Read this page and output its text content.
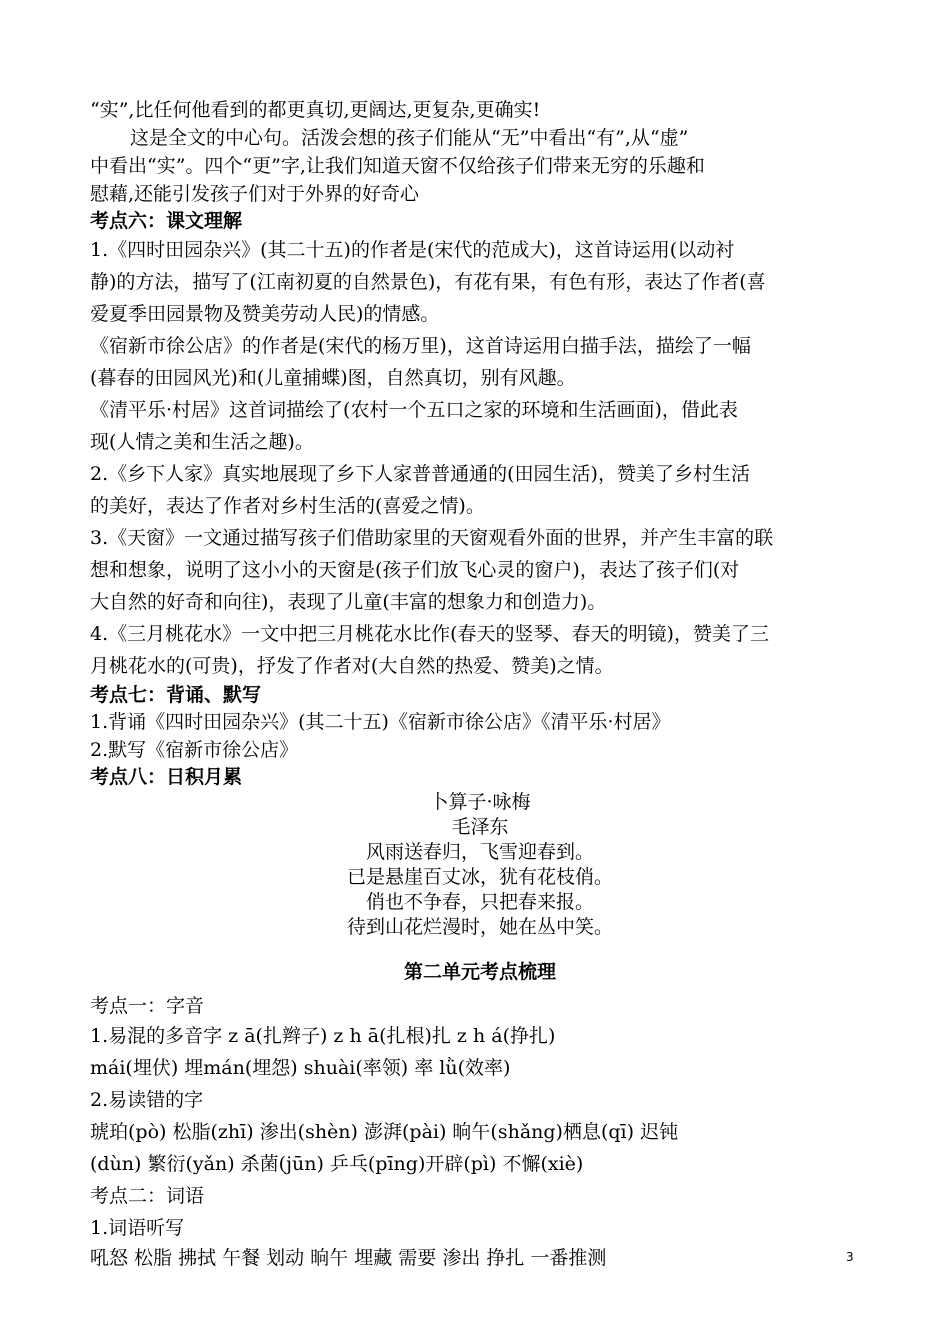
“实”,比任何他看到的都更真切,更阔达,更复杂,更确实!
这是全文的中心句。活泼会想的孩子们能从“无”中看出“有”,从“虚”
中看出“实”。四个“更”字,让我们知道天窗不仅给孩子们带来无穷的乐趣和
慰藉,还能引发孩子们对于外界的好奇心
考点六：课文理解
1.《四时田园杂兴》(其二十五)的作者是(宋代的范成大)，这首诗运用(以动衬
静)的方法，描写了(江南初夏的自然景色)，有花有果，有色有形，表达了作者(喜
爱夏季田园景物及赞美劳动人民)的情感。
《宿新市徐公店》的作者是(宋代的杨万里)，这首诗运用白描手法，描绘了一幅
(暮春的田园风光)和(儿童捕蝶)图，自然真切，别有风趣。
《清平乐·村居》这首词描绘了(农村一个五口之家的环境和生活画面)，借此表
现(人情之美和生活之趣)。
2.《乡下人家》真实地展现了乡下人家普普通通的(田园生活)，赞美了乡村生活
的美好，表达了作者对乡村生活的(喜爱之情)。
3.《天窗》一文通过描写孩子们借助家里的天窗观看外面的世界，并产生丰富的联
想和想象，说明了这小小的天窗是(孩子们放飞心灵的窗户)，表达了孩子们(对
大自然的好奇和向往)，表现了儿童(丰富的想象力和创造力)。
4.《三月桃花水》一文中把三月桃花水比作(春天的竖琴、春天的明镜)，赞美了三
月桃花水的(可贵)，抒发了作者对(大自然的热爱、赞美)之情。
考点七：背诵、默写
1.背诵《四时田园杂兴》(其二十五)《宿新市徐公店》《清平乐·村居》
2.默写《宿新市徐公店》
考点八：日积月累
卜算子·咏梅
毛泽东
风雨送春归，飞雪迎春到。
已是悬崖百丈冰，犹有花枝俏。
俏也不争春，只把春来报。
待到山花烂漫时，她在丛中笑。
第二单元考点梳理
考点一：字音
1.易混的多音字 z ā(扎辫子) z h ā(扎根)扎 z h á(挣扎)
mái(埋伏) 埋mán(埋怨) shuài(率领) 率 lǜ(效率)
2.易读错的字
琥珀(pò) 松脂(zhī) 渗出(shèn) 澎湃(pài) 晌午(shǎng)栖息(qī) 迟钝
(dùn) 繁衍(yǎn) 杀菌(jūn) 乒乓(pīng)开辟(pì) 不懈(xiè)
考点二：词语
1.词语听写
吼怒 松脂 拂拭 午餐 划动 晌午 埋藏 需要 渗出 挣扎 一番推测	3
